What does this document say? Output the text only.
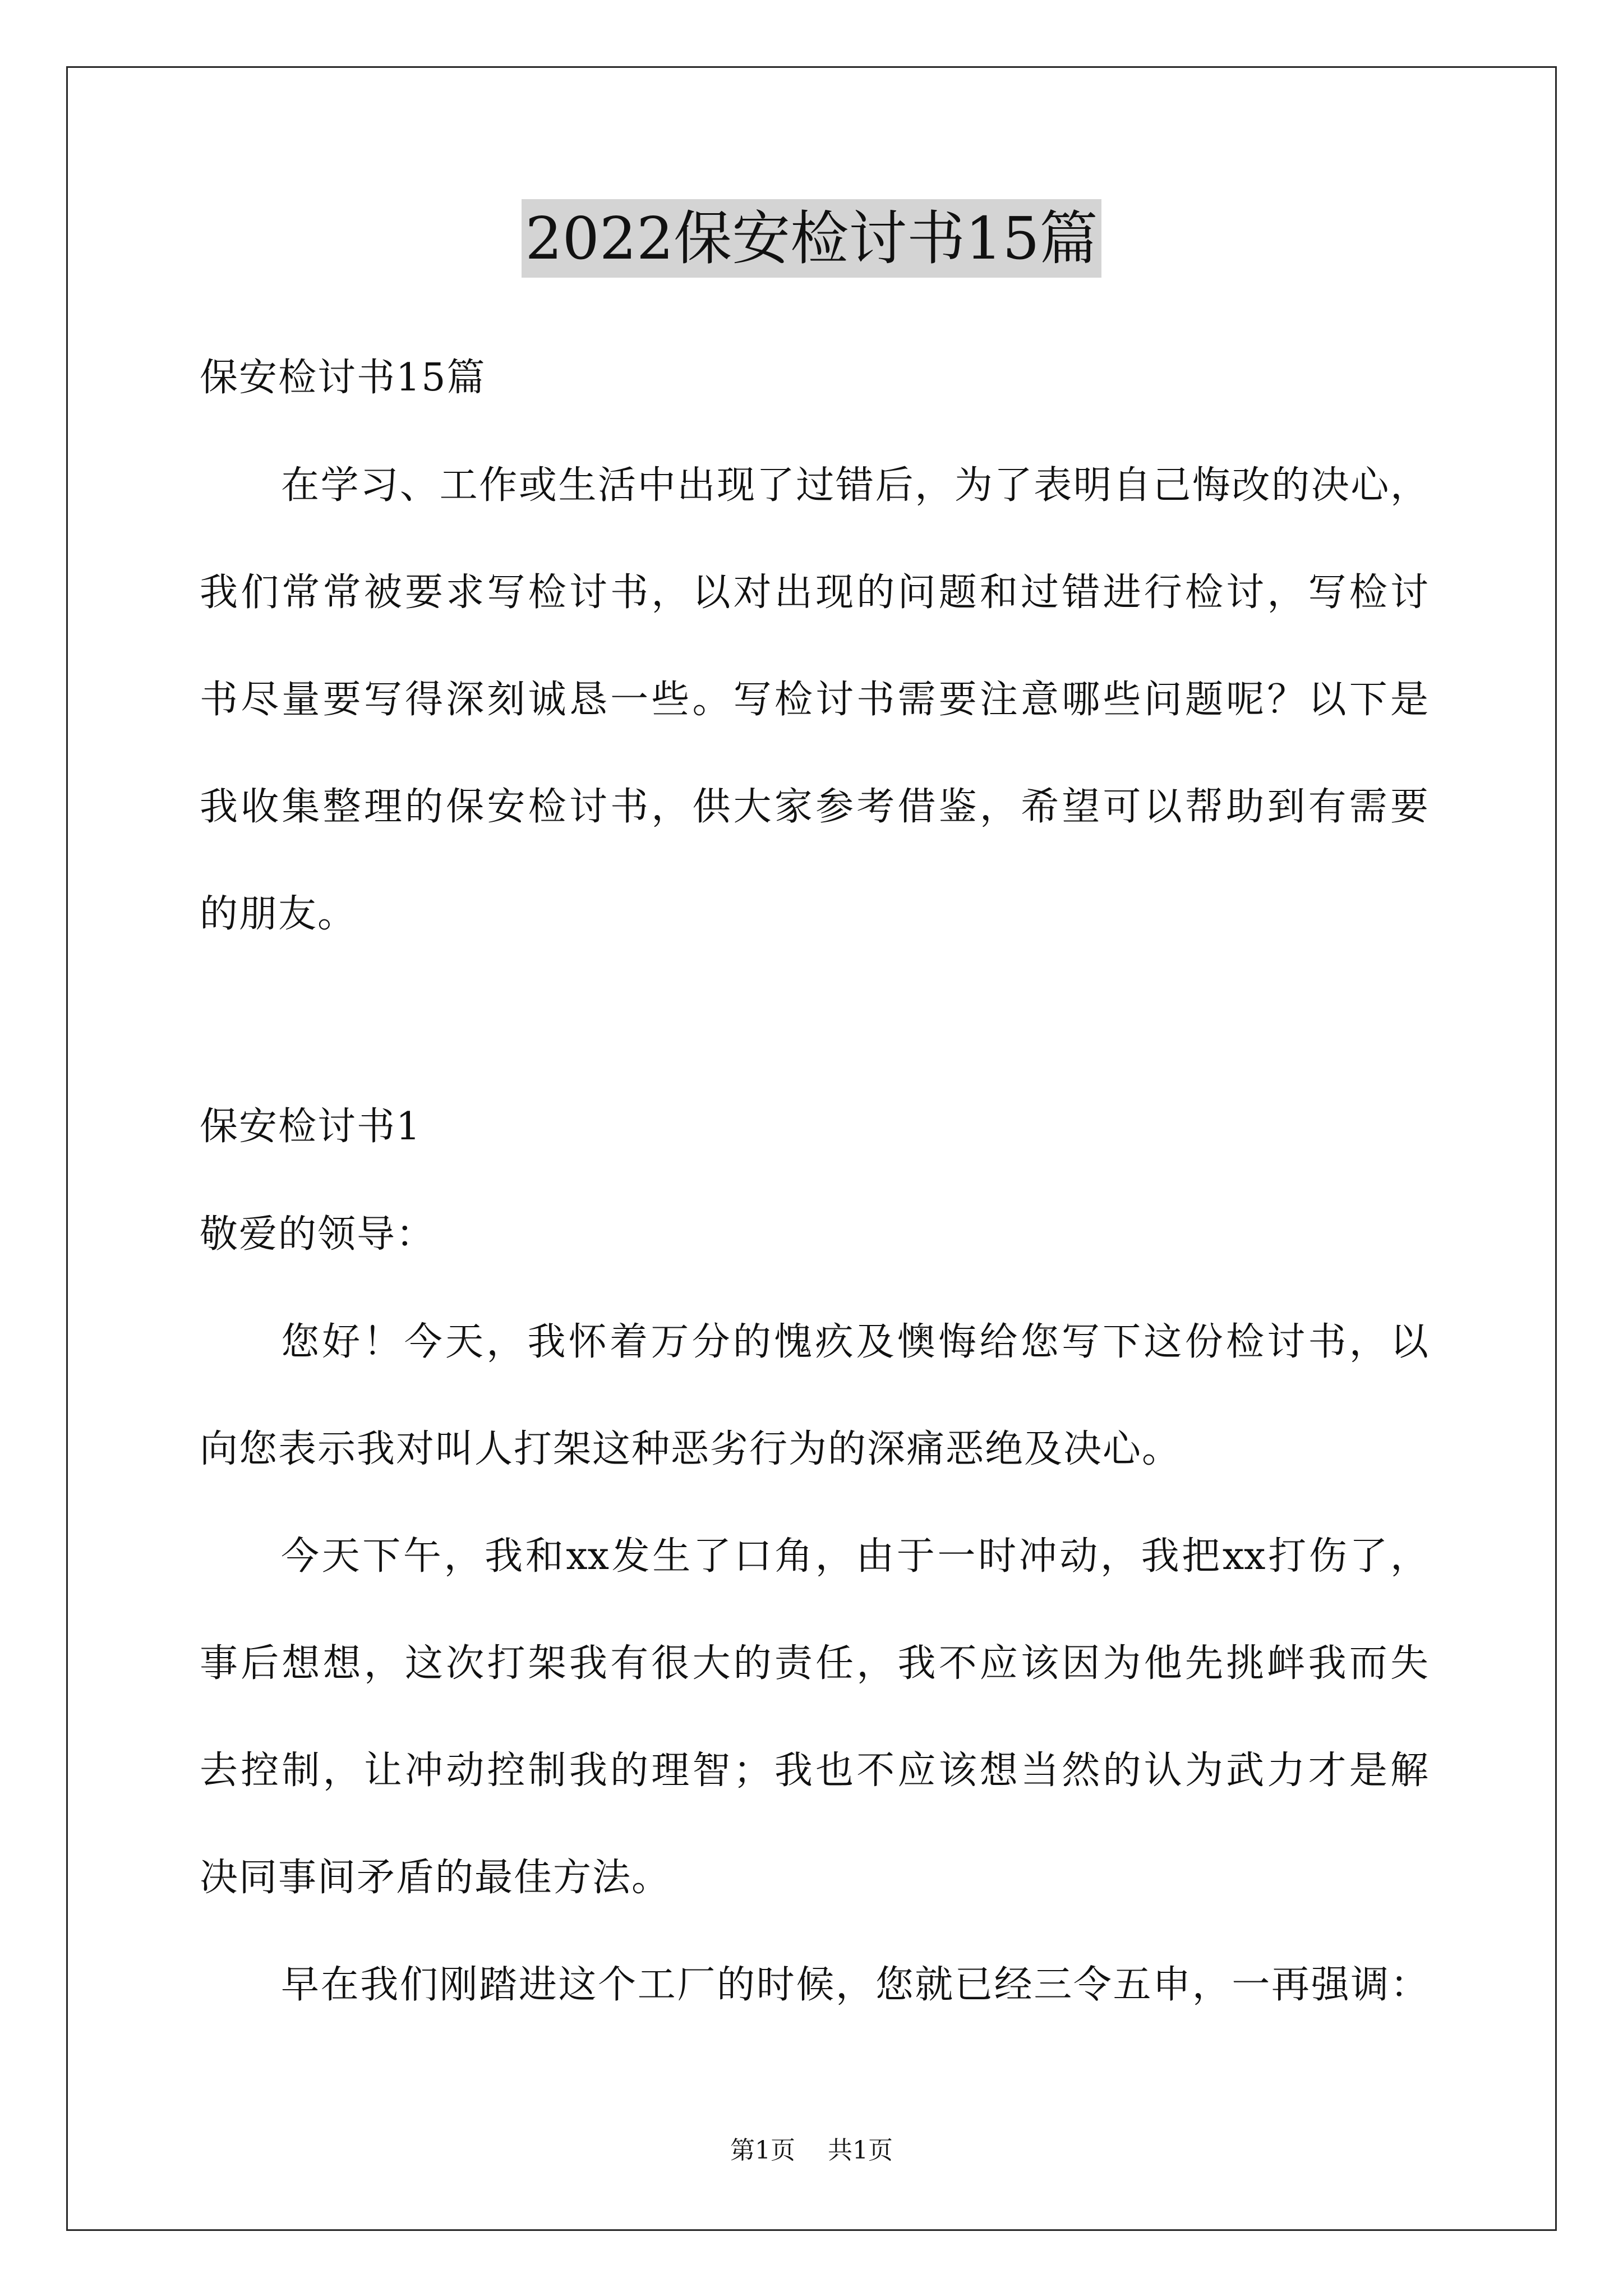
2022保安检讨书15篇
保安检讨书15篇
在学习、工作或生活中出现了过错后，为了表明自己悔改的决心，
我们常常被要求写检讨书，以对出现的问题和过错进行检讨，写检讨
书尽量要写得深刻诚恳一些。写检讨书需要注意哪些问题呢？以下是
我收集整理的保安检讨书，供大家参考借鉴，希望可以帮助到有需要
的朋友。
保安检讨书1
敬爱的领导：
您好！今天，我怀着万分的愧疚及懊悔给您写下这份检讨书，以
向您表示我对叫人打架这种恶劣行为的深痛恶绝及决心。
今天下午，我和xx发生了口角，由于一时冲动，我把xx打伤了，
事后想想，这次打架我有很大的责任，我不应该因为他先挑衅我而失
去控制，让冲动控制我的理智；我也不应该想当然的认为武力才是解
决同事间矛盾的最佳方法。
早在我们刚踏进这个工厂的时候，您就已经三令五申，一再强调：
第1页 共1页
